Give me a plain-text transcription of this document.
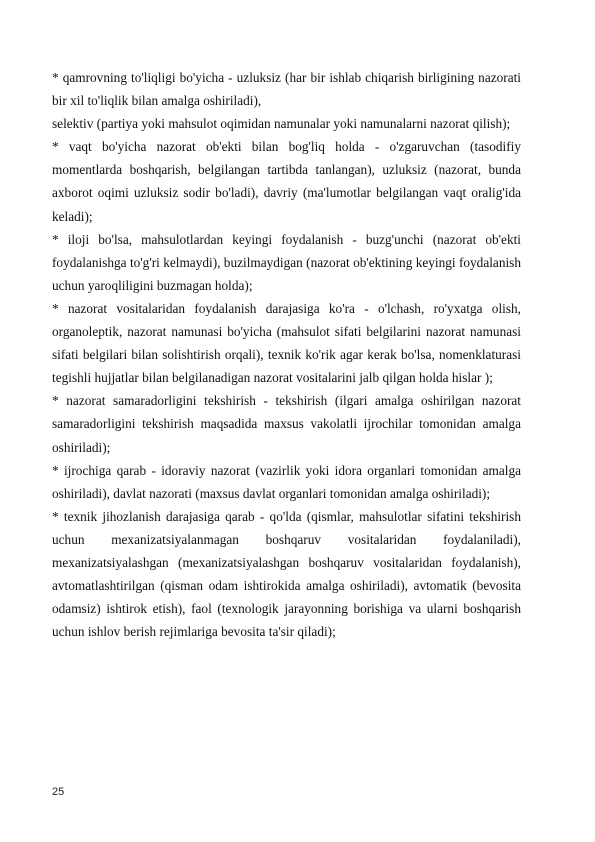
* qamrovning to'liqligi bo'yicha - uzluksiz (har bir ishlab chiqarish birligining nazorati bir xil to'liqlik bilan amalga oshiriladi),

selektiv (partiya yoki mahsulot oqimidan namunalar yoki namunalarni nazorat qilish);

* vaqt bo'yicha nazorat ob'ekti bilan bog'liq holda - o'zgaruvchan (tasodifiy momentlarda boshqarish, belgilangan tartibda tanlangan), uzluksiz (nazorat, bunda axborot oqimi uzluksiz sodir bo'ladi), davriy (ma'lumotlar belgilangan vaqt oralig'ida keladi);

* iloji bo'lsa, mahsulotlardan keyingi foydalanish - buzg'unchi (nazorat ob'ekti foydalanishga to'g'ri kelmaydi), buzilmaydigan (nazorat ob'ektining keyingi foydalanish uchun yaroqliligini buzmagan holda);

* nazorat vositalaridan foydalanish darajasiga ko'ra - o'lchash, ro'yxatga olish, organoleptik, nazorat namunasi bo'yicha (mahsulot sifati belgilarini nazorat namunasi sifati belgilari bilan solishtirish orqali), texnik ko'rik agar kerak bo'lsa, nomenklaturasi tegishli hujjatlar bilan belgilanadigan nazorat vositalarini jalb qilgan holda hislar );

* nazorat samaradorligini tekshirish - tekshirish (ilgari amalga oshirilgan nazorat samaradorligini tekshirish maqsadida maxsus vakolatli ijrochilar tomonidan amalga oshiriladi);

* ijrochiga qarab - idoraviy nazorat (vazirlik yoki idora organlari tomonidan amalga oshiriladi), davlat nazorati (maxsus davlat organlari tomonidan amalga oshiriladi);

* texnik jihozlanish darajasiga qarab - qo'lda (qismlar, mahsulotlar sifatini tekshirish uchun mexanizatsiyalanmagan boshqaruv vositalaridan foydalaniladi), mexanizatsiyalashgan (mexanizatsiyalashgan boshqaruv vositalaridan foydalanish), avtomatlashtirilgan (qisman odam ishtirokida amalga oshiriladi), avtomatik (bevosita odamsiz) ishtirok etish), faol (texnologik jarayonning borishiga va ularni boshqarish uchun ishlov berish rejimlariga bevosita ta'sir qiladi);

25
